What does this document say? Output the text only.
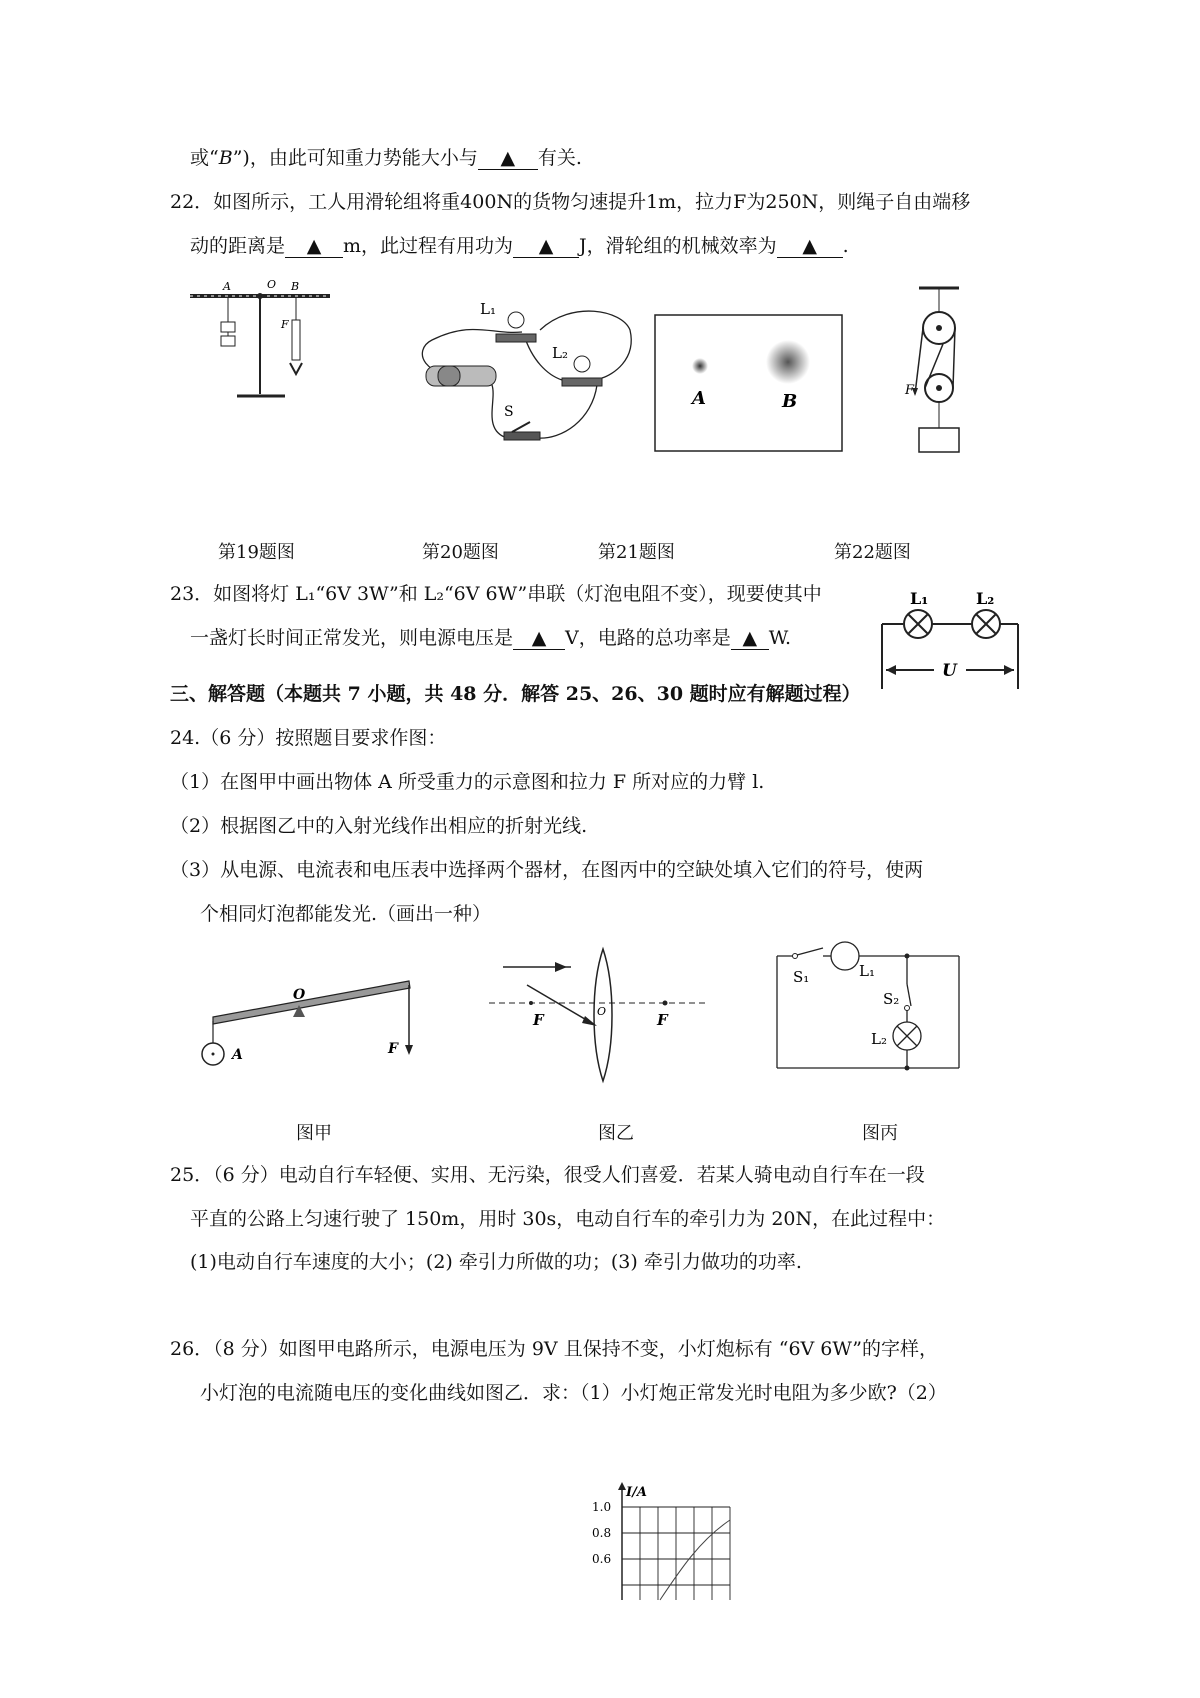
或“B”)，由此可知重力势能大小与 ▲ 有关.
22．如图所示，工人用滑轮组将重400N的货物匀速提升1m，拉力F为250N，则绳子自由端移
动的距离是 ▲ m，此过程有用功为 ▲ J，滑轮组的机械效率为 ▲ .
A	O B
F
L₁
L₂
S
A	B
F
第19题图	第20题图	第21题图	第22题图
23．如图将灯 L₁“6V 3W”和 L₂“6V 6W”串联（灯泡电阻不变），现要使其中
一盏灯长时间正常发光，则电源电压是 ▲ V，电路的总功率是 ▲ W.
L₁	L₂
U
三、解答题（本题共 7 小题，共 48 分．解答 25、26、30 题时应有解题过程）
24.（6 分）按照题目要求作图：
（1）在图甲中画出物体 A 所受重力的示意图和拉力 F 所对应的力臂 l.
（2）根据图乙中的入射光线作出相应的折射光线.
（3）从电源、电流表和电压表中选择两个器材，在图丙中的空缺处填入它们的符号，使两
个相同灯泡都能发光.（画出一种）
O
A	F
F	O	F
S₁	L₁
S₂
L₂
图甲	图乙	图丙
25．（6 分）电动自行车轻便、实用、无污染，很受人们喜爱．若某人骑电动自行车在一段
平直的公路上匀速行驶了 150m，用时 30s，电动自行车的牵引力为 20N，在此过程中：
(1)电动自行车速度的大小；(2) 牵引力所做的功；(3) 牵引力做功的功率.
26．（8 分）如图甲电路所示，电源电压为 9V 且保持不变，小灯炮标有 “6V 6W”的字样，
小灯泡的电流随电压的变化曲线如图乙．求：（1）小灯炮正常发光时电阻为多少欧?（2）
I/A
1.0
0.8
0.6
